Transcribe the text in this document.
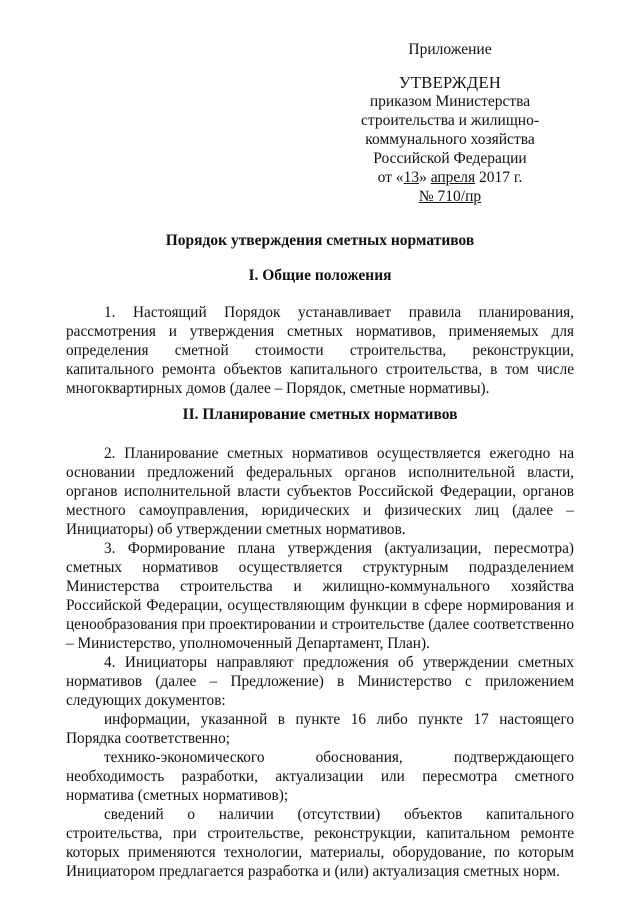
Приложение
УТВЕРЖДЕН
приказом Министерства
строительства и жилищно-
коммунального хозяйства
Российской Федерации
от «13» апреля 2017 г.
№ 710/пр
Порядок утверждения сметных нормативов
I. Общие положения

1. Настоящий Порядок устанавливает правила планирования, рассмотрения и утверждения сметных нормативов, применяемых для определения сметной стоимости строительства, реконструкции, капитального ремонта объектов капитального строительства, в том числе многоквартирных домов (далее – Порядок, сметные нормативы).

II. Планирование сметных нормативов

2. Планирование сметных нормативов осуществляется ежегодно на основании предложений федеральных органов исполнительной власти, органов исполнительной власти субъектов Российской Федерации, органов местного самоуправления, юридических и физических лиц (далее – Инициаторы) об утверждении сметных нормативов.

3. Формирование плана утверждения (актуализации, пересмотра) сметных нормативов осуществляется структурным подразделением Министерства строительства и жилищно-коммунального хозяйства Российской Федерации, осуществляющим функции в сфере нормирования и ценообразования при проектировании и строительстве (далее соответственно – Министерство, уполномоченный Департамент, План).

4. Инициаторы направляют предложения об утверждении сметных нормативов (далее – Предложение) в Министерство с приложением следующих документов:

информации, указанной в пункте 16 либо пункте 17 настоящего Порядка соответственно;

технико-экономического обоснования, подтверждающего необходимость разработки, актуализации или пересмотра сметного норматива (сметных нормативов);

сведений о наличии (отсутствии) объектов капитального строительства, при строительстве, реконструкции, капитальном ремонте которых применяются технологии, материалы, оборудование, по которым Инициатором предлагается разработка и (или) актуализация сметных норм.
